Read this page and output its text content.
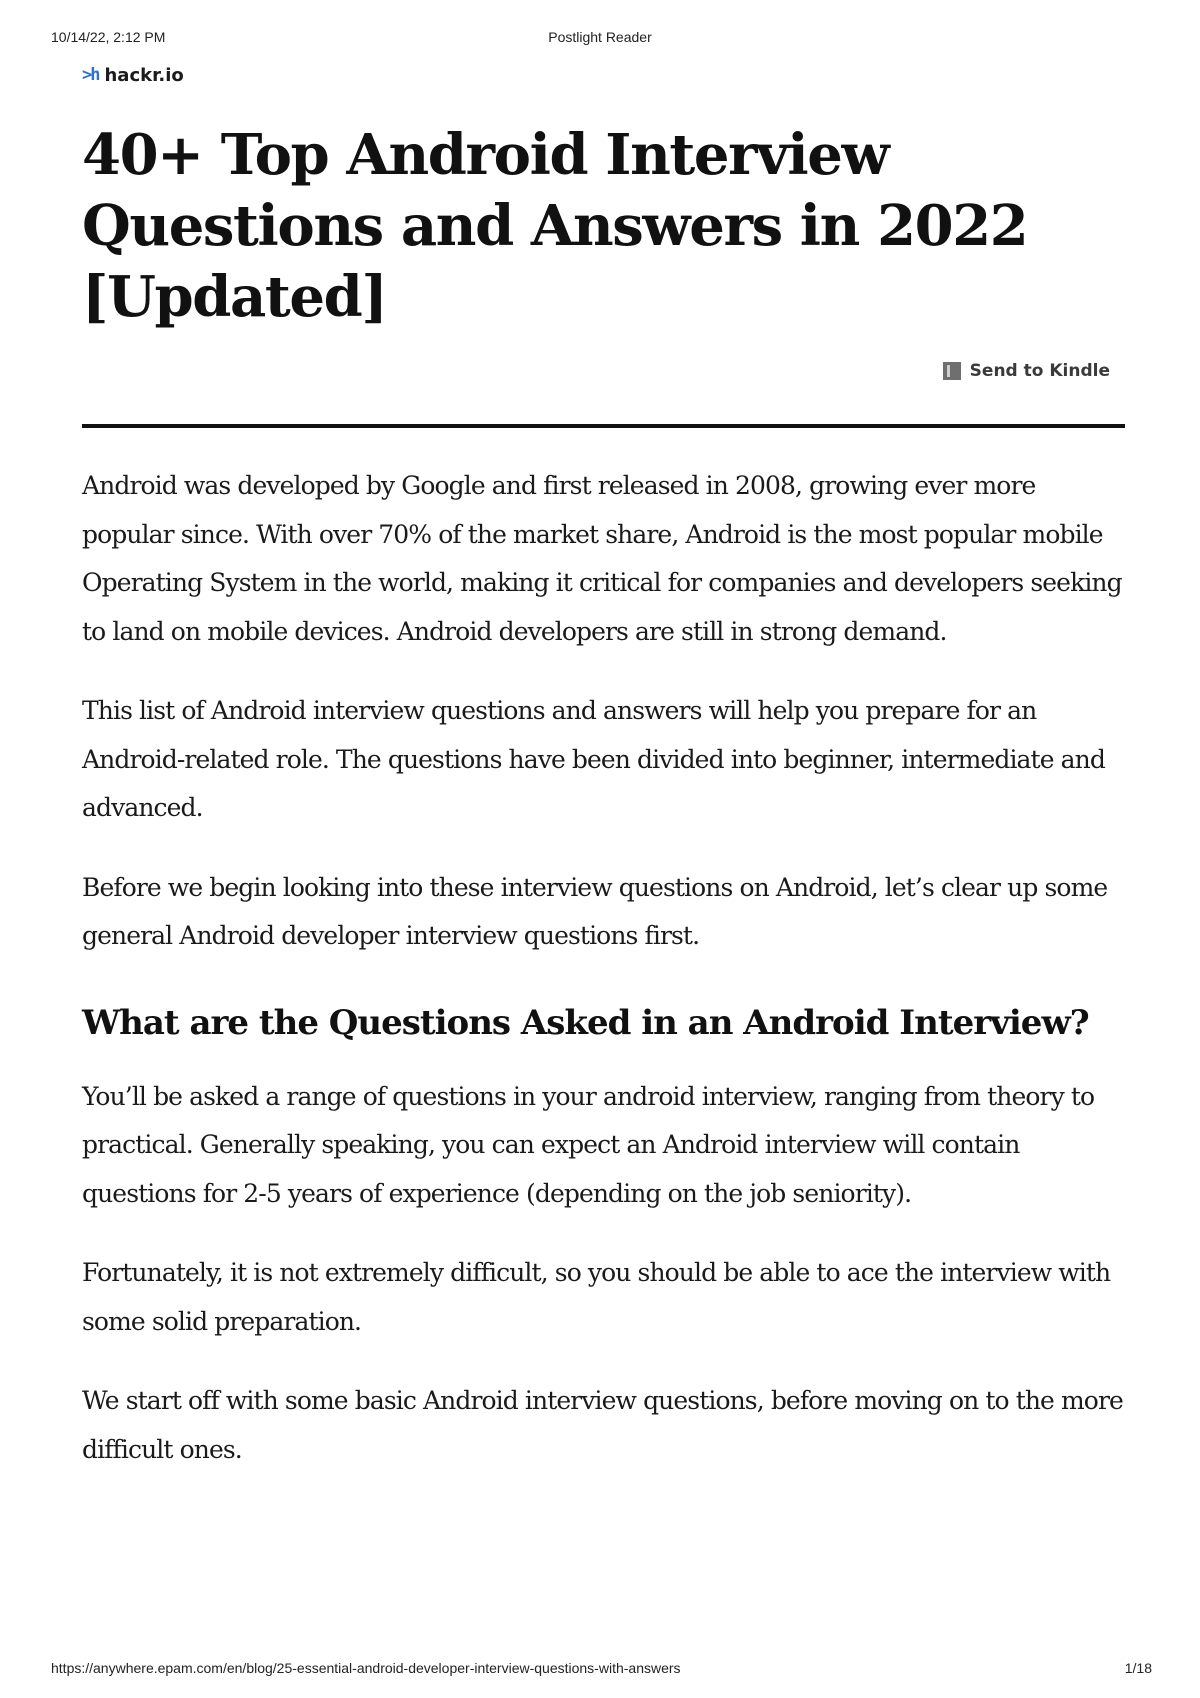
10/14/22, 2:12 PM	Postlight Reader
>h hackr.io
40+ Top Android Interview Questions and Answers in 2022 [Updated]
Send to Kindle

Android was developed by Google and first released in 2008, growing ever more popular since. With over 70% of the market share, Android is the most popular mobile Operating System in the world, making it critical for companies and developers seeking to land on mobile devices. Android developers are still in strong demand.

This list of Android interview questions and answers will help you prepare for an Android-related role. The questions have been divided into beginner, intermediate and advanced.

Before we begin looking into these interview questions on Android, let’s clear up some general Android developer interview questions first.

What are the Questions Asked in an Android Interview?

You’ll be asked a range of questions in your android interview, ranging from theory to practical. Generally speaking, you can expect an Android interview will contain questions for 2-5 years of experience (depending on the job seniority).

Fortunately, it is not extremely difficult, so you should be able to ace the interview with some solid preparation.

We start off with some basic Android interview questions, before moving on to the more difficult ones.

https://anywhere.epam.com/en/blog/25-essential-android-developer-interview-questions-with-answers	1/18
